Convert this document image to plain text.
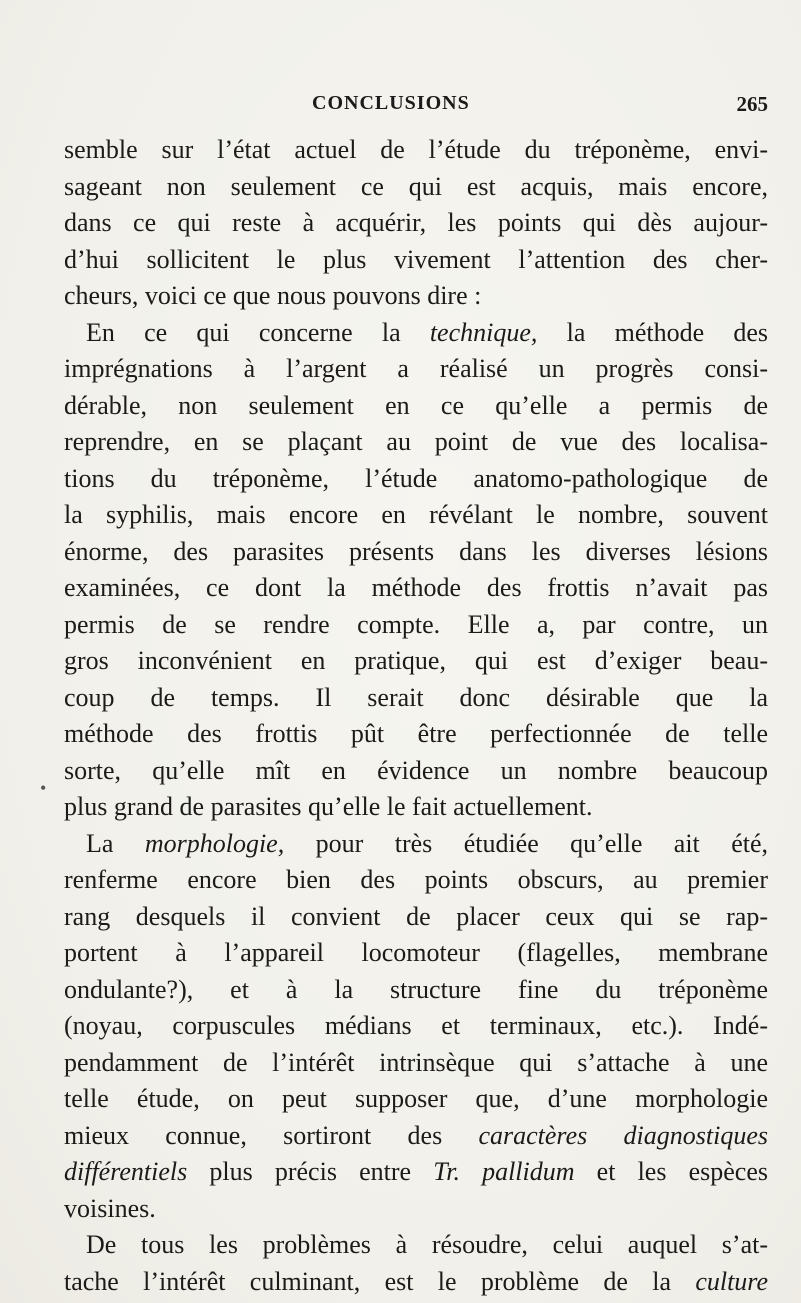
CONCLUSIONS	265
•
semble sur l’état actuel de l’étude du tréponème, envi-
sageant non seulement ce qui est acquis, mais encore,
dans ce qui reste à acquérir, les points qui dès aujour-
d’hui sollicitent le plus vivement l’attention des cher-
cheurs, voici ce que nous pouvons dire :
En ce qui concerne la technique, la méthode des
imprégnations à l’argent a réalisé un progrès consi-
dérable, non seulement en ce qu’elle a permis de
reprendre, en se plaçant au point de vue des localisa-
tions du tréponème, l’étude anatomo-pathologique de
la syphilis, mais encore en révélant le nombre, souvent
énorme, des parasites présents dans les diverses lésions
examinées, ce dont la méthode des frottis n’avait pas
permis de se rendre compte. Elle a, par contre, un
gros inconvénient en pratique, qui est d’exiger beau-
coup de temps. Il serait donc désirable que la
méthode des frottis pût être perfectionnée de telle
sorte, qu’elle mît en évidence un nombre beaucoup
plus grand de parasites qu’elle le fait actuellement.
La morphologie, pour très étudiée qu’elle ait été,
renferme encore bien des points obscurs, au premier
rang desquels il convient de placer ceux qui se rap-
portent à l’appareil locomoteur (flagelles, membrane
ondulante?), et à la structure fine du tréponème
(noyau, corpuscules médians et terminaux, etc.). Indé-
pendamment de l’intérêt intrinsèque qui s’attache à une
telle étude, on peut supposer que, d’une morphologie
mieux connue, sortiront des caractères diagnostiques
différentiels plus précis entre Tr. pallidum et les espèces
voisines.
De tous les problèmes à résoudre, celui auquel s’at-
tache l’intérêt culminant, est le problème de la culture
